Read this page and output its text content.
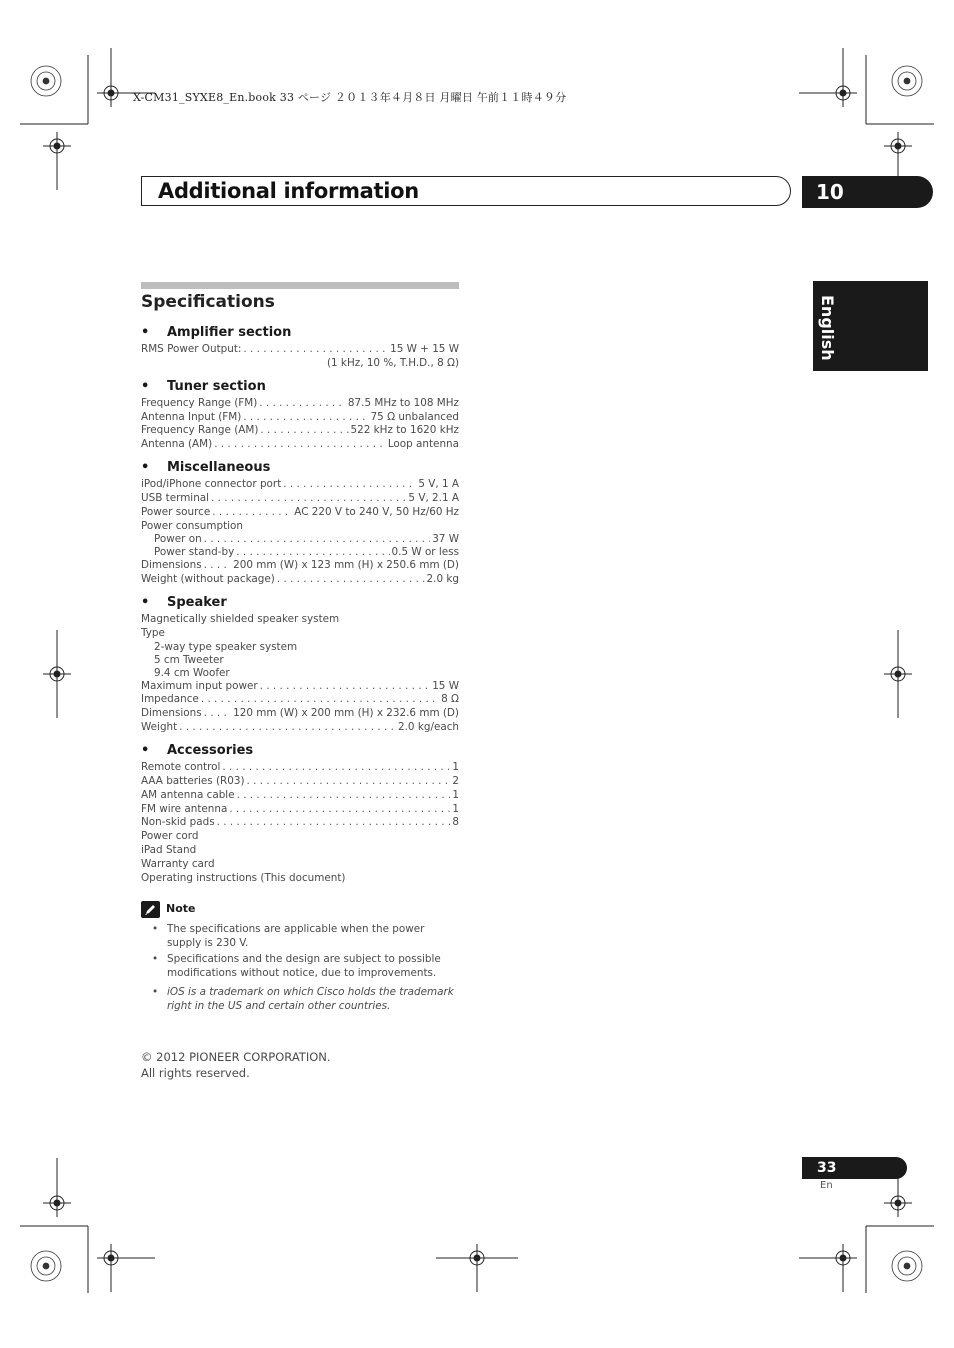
X-CM31_SYXE8_En.book 33 ページ ２０１３年４月８日 月曜日 午前１１時４９分
Additional information	10
English
Specifications
• Amplifier section
RMS Power Output: . . .	15 W + 15 W
(1 kHz, 10 %, T.H.D., 8 Ω)
• Tuner section
Frequency Range (FM) . . .	87.5 MHz to 108 MHz
Antenna Input (FM) . . .	75 Ω unbalanced
Frequency Range (AM) . . .	522 kHz to 1620 kHz
Antenna (AM) . . .	Loop antenna
• Miscellaneous
iPod/iPhone connector port . . .	5 V, 1 A
USB terminal . . .	5 V, 2.1 A
Power source . . .	AC 220 V to 240 V, 50 Hz/60 Hz
Power consumption
Power on . . .	37 W
Power stand-by . . .	0.5 W or less
Dimensions . . .	200 mm (W) x 123 mm (H) x 250.6 mm (D)
Weight (without package) . . .	2.0 kg
• Speaker
Magnetically shielded speaker system
Type
2-way type speaker system
5 cm Tweeter
9.4 cm Woofer
Maximum input power . . .	15 W
Impedance . . .	8 Ω
Dimensions . . .	120 mm (W) x 200 mm (H) x 232.6 mm (D)
Weight . . .	2.0 kg/each
• Accessories
Remote control . . .	1
AAA batteries (R03) . . .	2
AM antenna cable . . .	1
FM wire antenna . . .	1
Non-skid pads . . .	8
Power cord
iPad Stand
Warranty card
Operating instructions (This document)
Note
• The specifications are applicable when the power supply is 230 V.
• Specifications and the design are subject to possible modifications without notice, due to improvements.
• iOS is a trademark on which Cisco holds the trademark right in the US and certain other countries.
© 2012 PIONEER CORPORATION.
All rights reserved.
33
En
